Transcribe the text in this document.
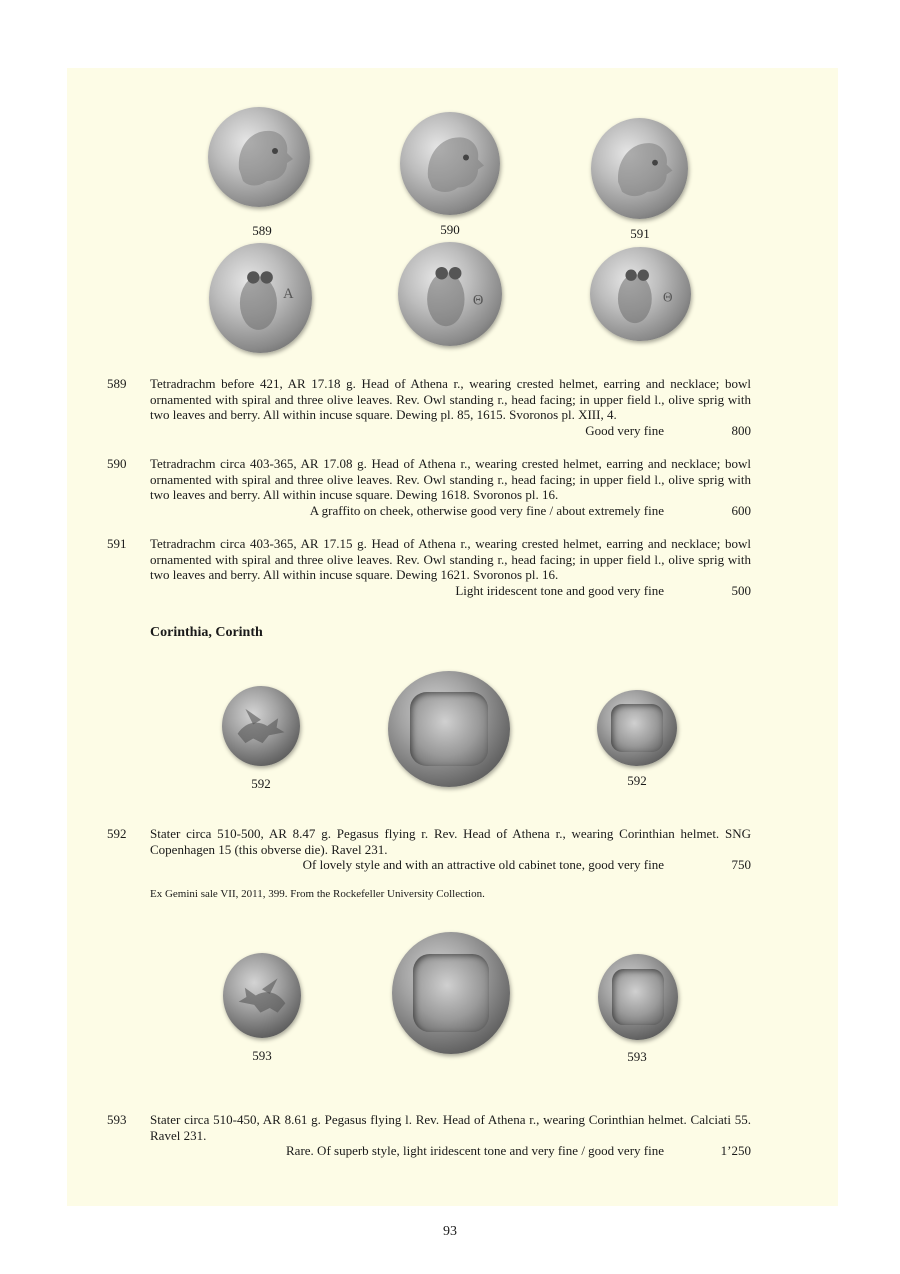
589	590	591
Α	Θ	Θ
589 Tetradrachm before 421, AR 17.18 g. Head of Athena r., wearing crested helmet, earring and necklace; bowl ornamented with spiral and three olive leaves. Rev. Owl standing r., head facing; in upper field l., olive sprig with two leaves and berry. All within incuse square. Dewing pl. 85, 1615. Svoronos pl. XIII, 4.
Good very fine	800
590 Tetradrachm circa 403-365, AR 17.08 g. Head of Athena r., wearing crested helmet, earring and necklace; bowl ornamented with spiral and three olive leaves. Rev. Owl standing r., head facing; in upper field l., olive sprig with two leaves and berry. All within incuse square. Dewing 1618. Svoronos pl. 16.
A graffito on cheek, otherwise good very fine / about extremely fine	600
591 Tetradrachm circa 403-365, AR 17.15 g. Head of Athena r., wearing crested helmet, earring and necklace; bowl ornamented with spiral and three olive leaves. Rev. Owl standing r., head facing; in upper field l., olive sprig with two leaves and berry. All within incuse square. Dewing 1621. Svoronos pl. 16.
Light iridescent tone and good very fine	500
Corinthia, Corinth
592	592
592 Stater circa 510-500, AR 8.47 g. Pegasus flying r. Rev. Head of Athena r., wearing Corinthian helmet. SNG Copenhagen 15 (this obverse die). Ravel 231.
Of lovely style and with an attractive old cabinet tone, good very fine	750
Ex Gemini sale VII, 2011, 399. From the Rockefeller University Collection.
593	593
593 Stater circa 510-450, AR 8.61 g. Pegasus flying l. Rev. Head of Athena r., wearing Corinthian helmet. Calciati 55. Ravel 231.
Rare. Of superb style, light iridescent tone and very fine / good very fine	1’250
93
